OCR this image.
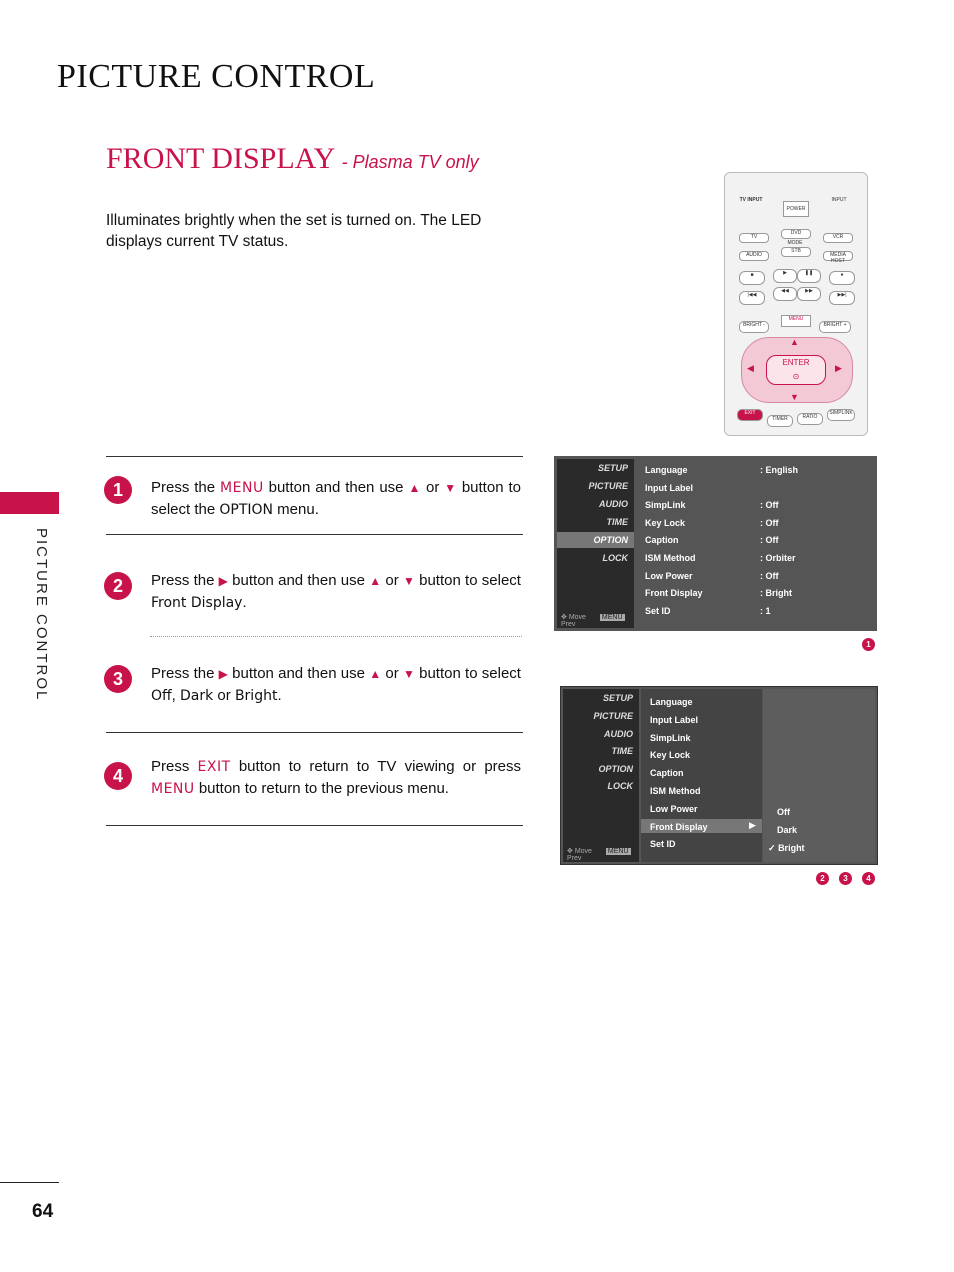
PICTURE CONTROL
FRONT DISPLAY - Plasma TV only
Illuminates brightly when the set is turned on. The LED displays current TV status.
PICTURE CONTROL
64
TV INPUT
POWER
INPUT
TV
DVD
VCR
MODE
AUDIO
STB
MEDIA HOST
■	▶	❚❚	●
|◀◀
◀◀	▶▶
▶▶|
MENU
BRIGHT -	BRIGHT +
ENTER
⊙
▲
▼
◀	▶
EXIT
TIMER	RATIO
SIMPLINK
1	Press the MENU button and then use ▲ or ▼ button to select the OPTION menu.
2	Press the ▶ button and then use ▲ or ▼ button to select Front Display.
3	Press the ▶ button and then use ▲ or ▼ button to select Off, Dark or Bright.
4	Press EXIT button to return to TV viewing or press MENU button to return to the previous menu.
SETUP
PICTURE
AUDIO
TIME
OPTION
LOCK
✥ Move MENU Prev
Language	: English
Input Label
SimpLink	: Off
Key Lock	: Off
Caption	: Off
ISM Method	: Orbiter
Low Power	: Off
Front Display	: Bright
Set ID	: 1
1
SETUP
PICTURE
AUDIO
TIME
OPTION
LOCK
✥ Move MENU Prev
▶
Language
Input Label
SimpLink
Key Lock
Caption
ISM Method
Low Power
Front Display
Set ID
Off
Dark
✓ Bright
2	3	4
